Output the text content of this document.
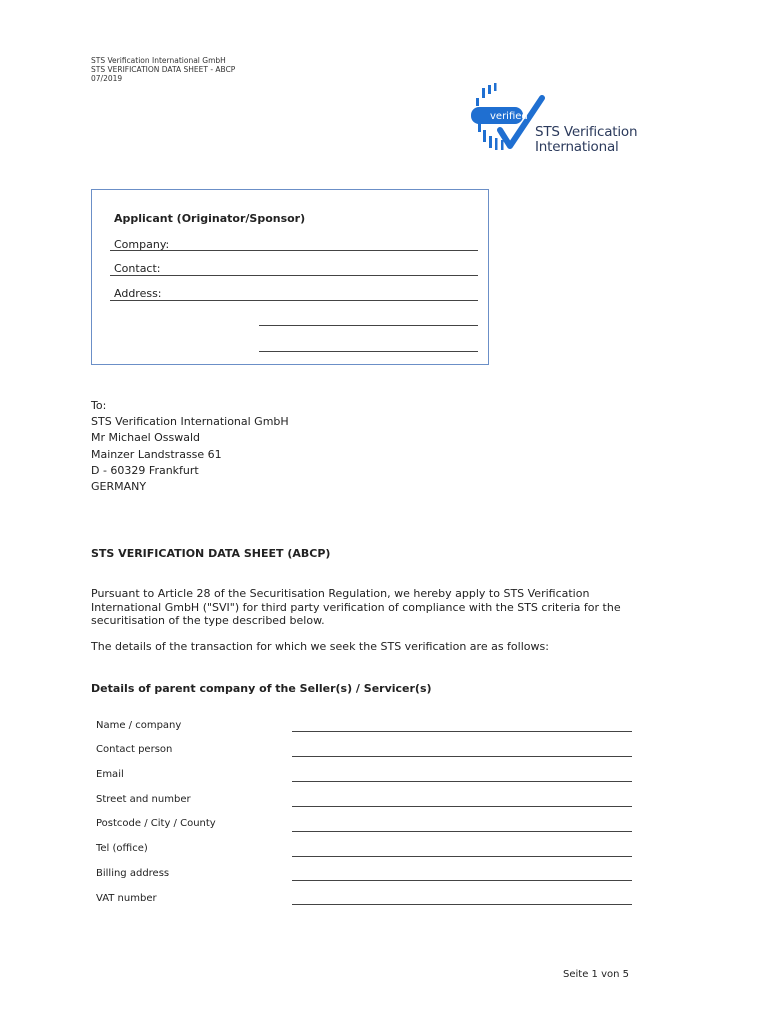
STS Verification International GmbH
STS VERIFICATION DATA SHEET - ABCP
07/2019
verified
STS Verification
International
Applicant (Originator/Sponsor)
Company:
Contact:
Address:
To:
STS Verification International GmbH
Mr Michael Osswald
Mainzer Landstrasse 61
D - 60329 Frankfurt
GERMANY
STS VERIFICATION DATA SHEET (ABCP)
Pursuant to Article 28 of the Securitisation Regulation, we hereby apply to STS Verification International GmbH ("SVI") for third party verification of compliance with the STS criteria for the securitisation of the type described below.
The details of the transaction for which we seek the STS verification are as follows:
Details of parent company of the Seller(s) / Servicer(s)
Name / company
Contact person
Email
Street and number
Postcode / City / County
Tel (office)
Billing address
VAT number
Seite 1 von 5
